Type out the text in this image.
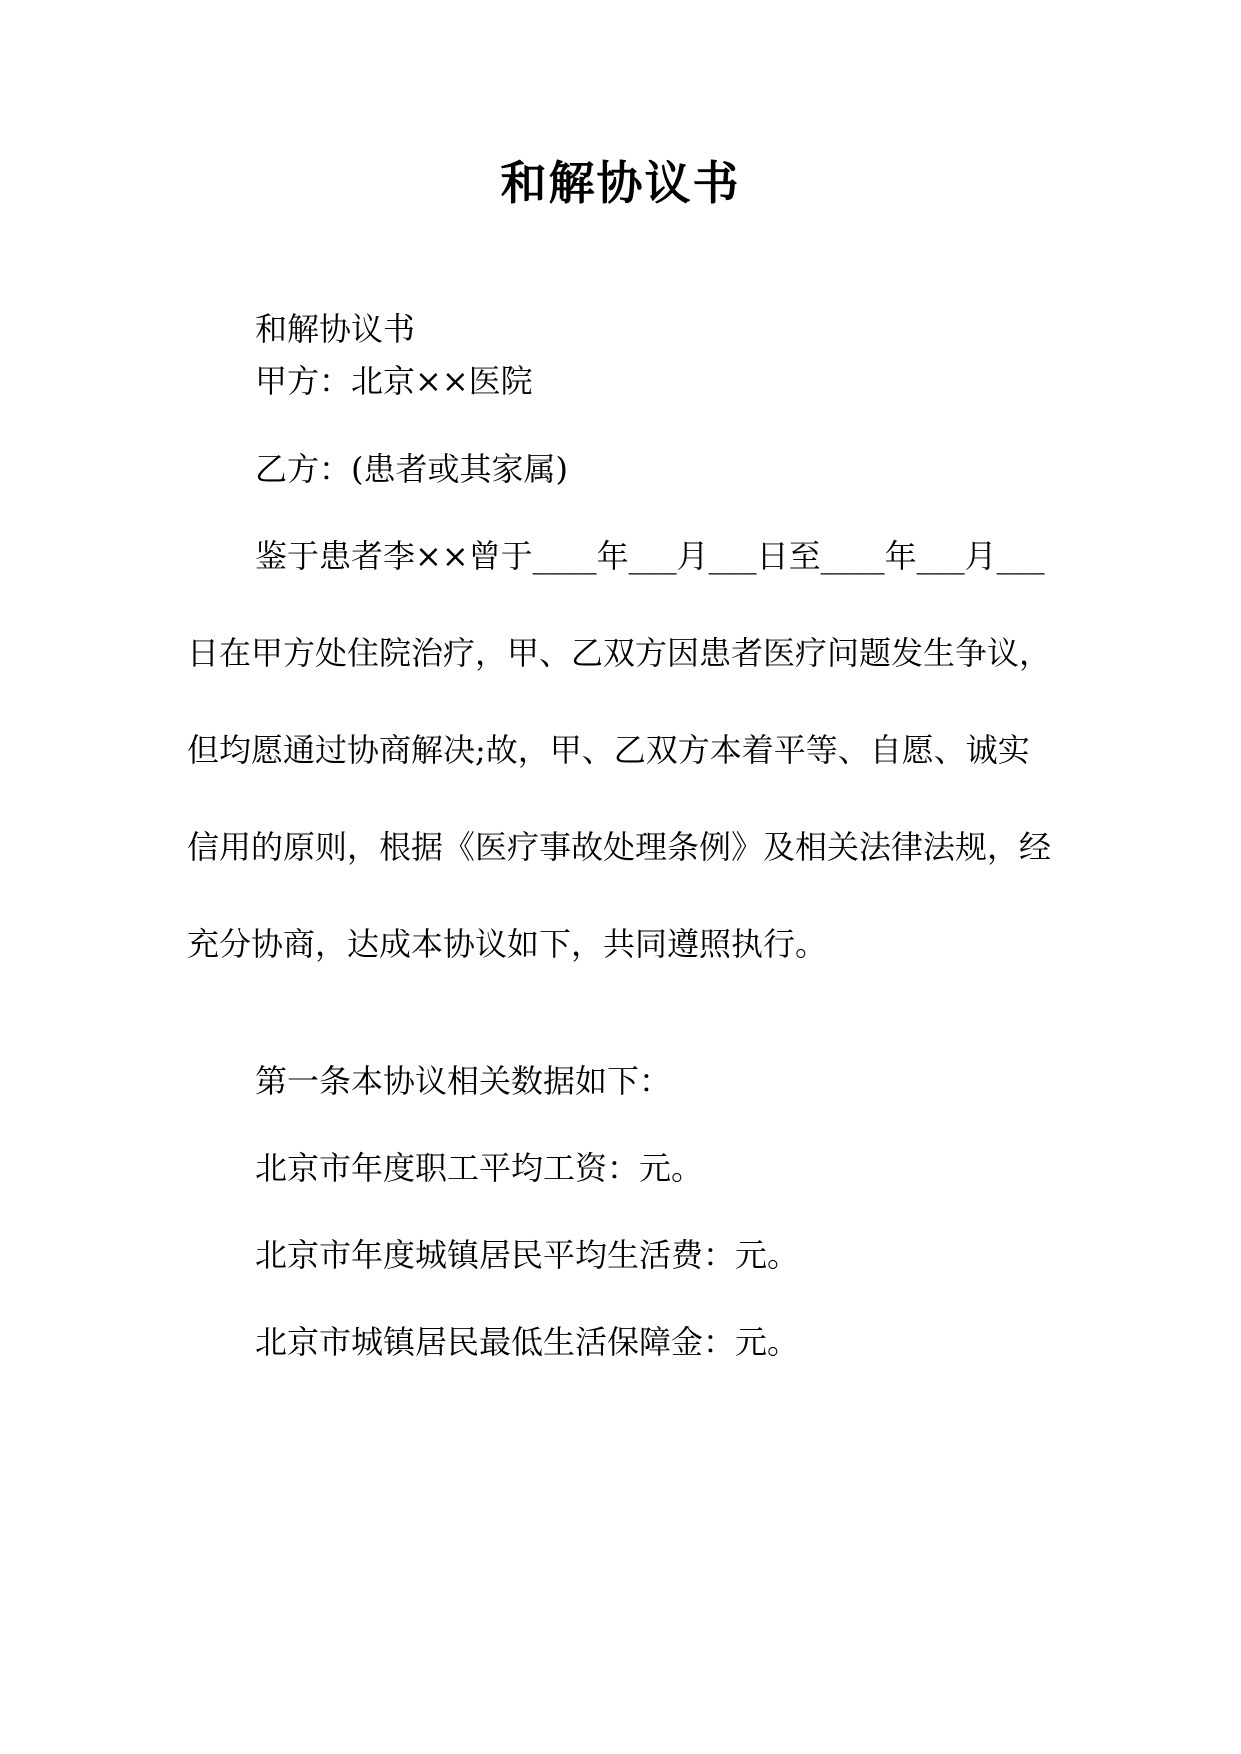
和解协议书

和解协议书

甲方：北京××医院

乙方：(患者或其家属)

鉴于患者李××曾于____年___月___日至____年___月___日在甲方处住院治疗，甲、乙双方因患者医疗问题发生争议，但均愿通过协商解决;故，甲、乙双方本着平等、自愿、诚实信用的原则，根据《医疗事故处理条例》及相关法律法规，经充分协商，达成本协议如下，共同遵照执行。

第一条本协议相关数据如下：

北京市年度职工平均工资：元。

北京市年度城镇居民平均生活费：元。

北京市城镇居民最低生活保障金：元。
